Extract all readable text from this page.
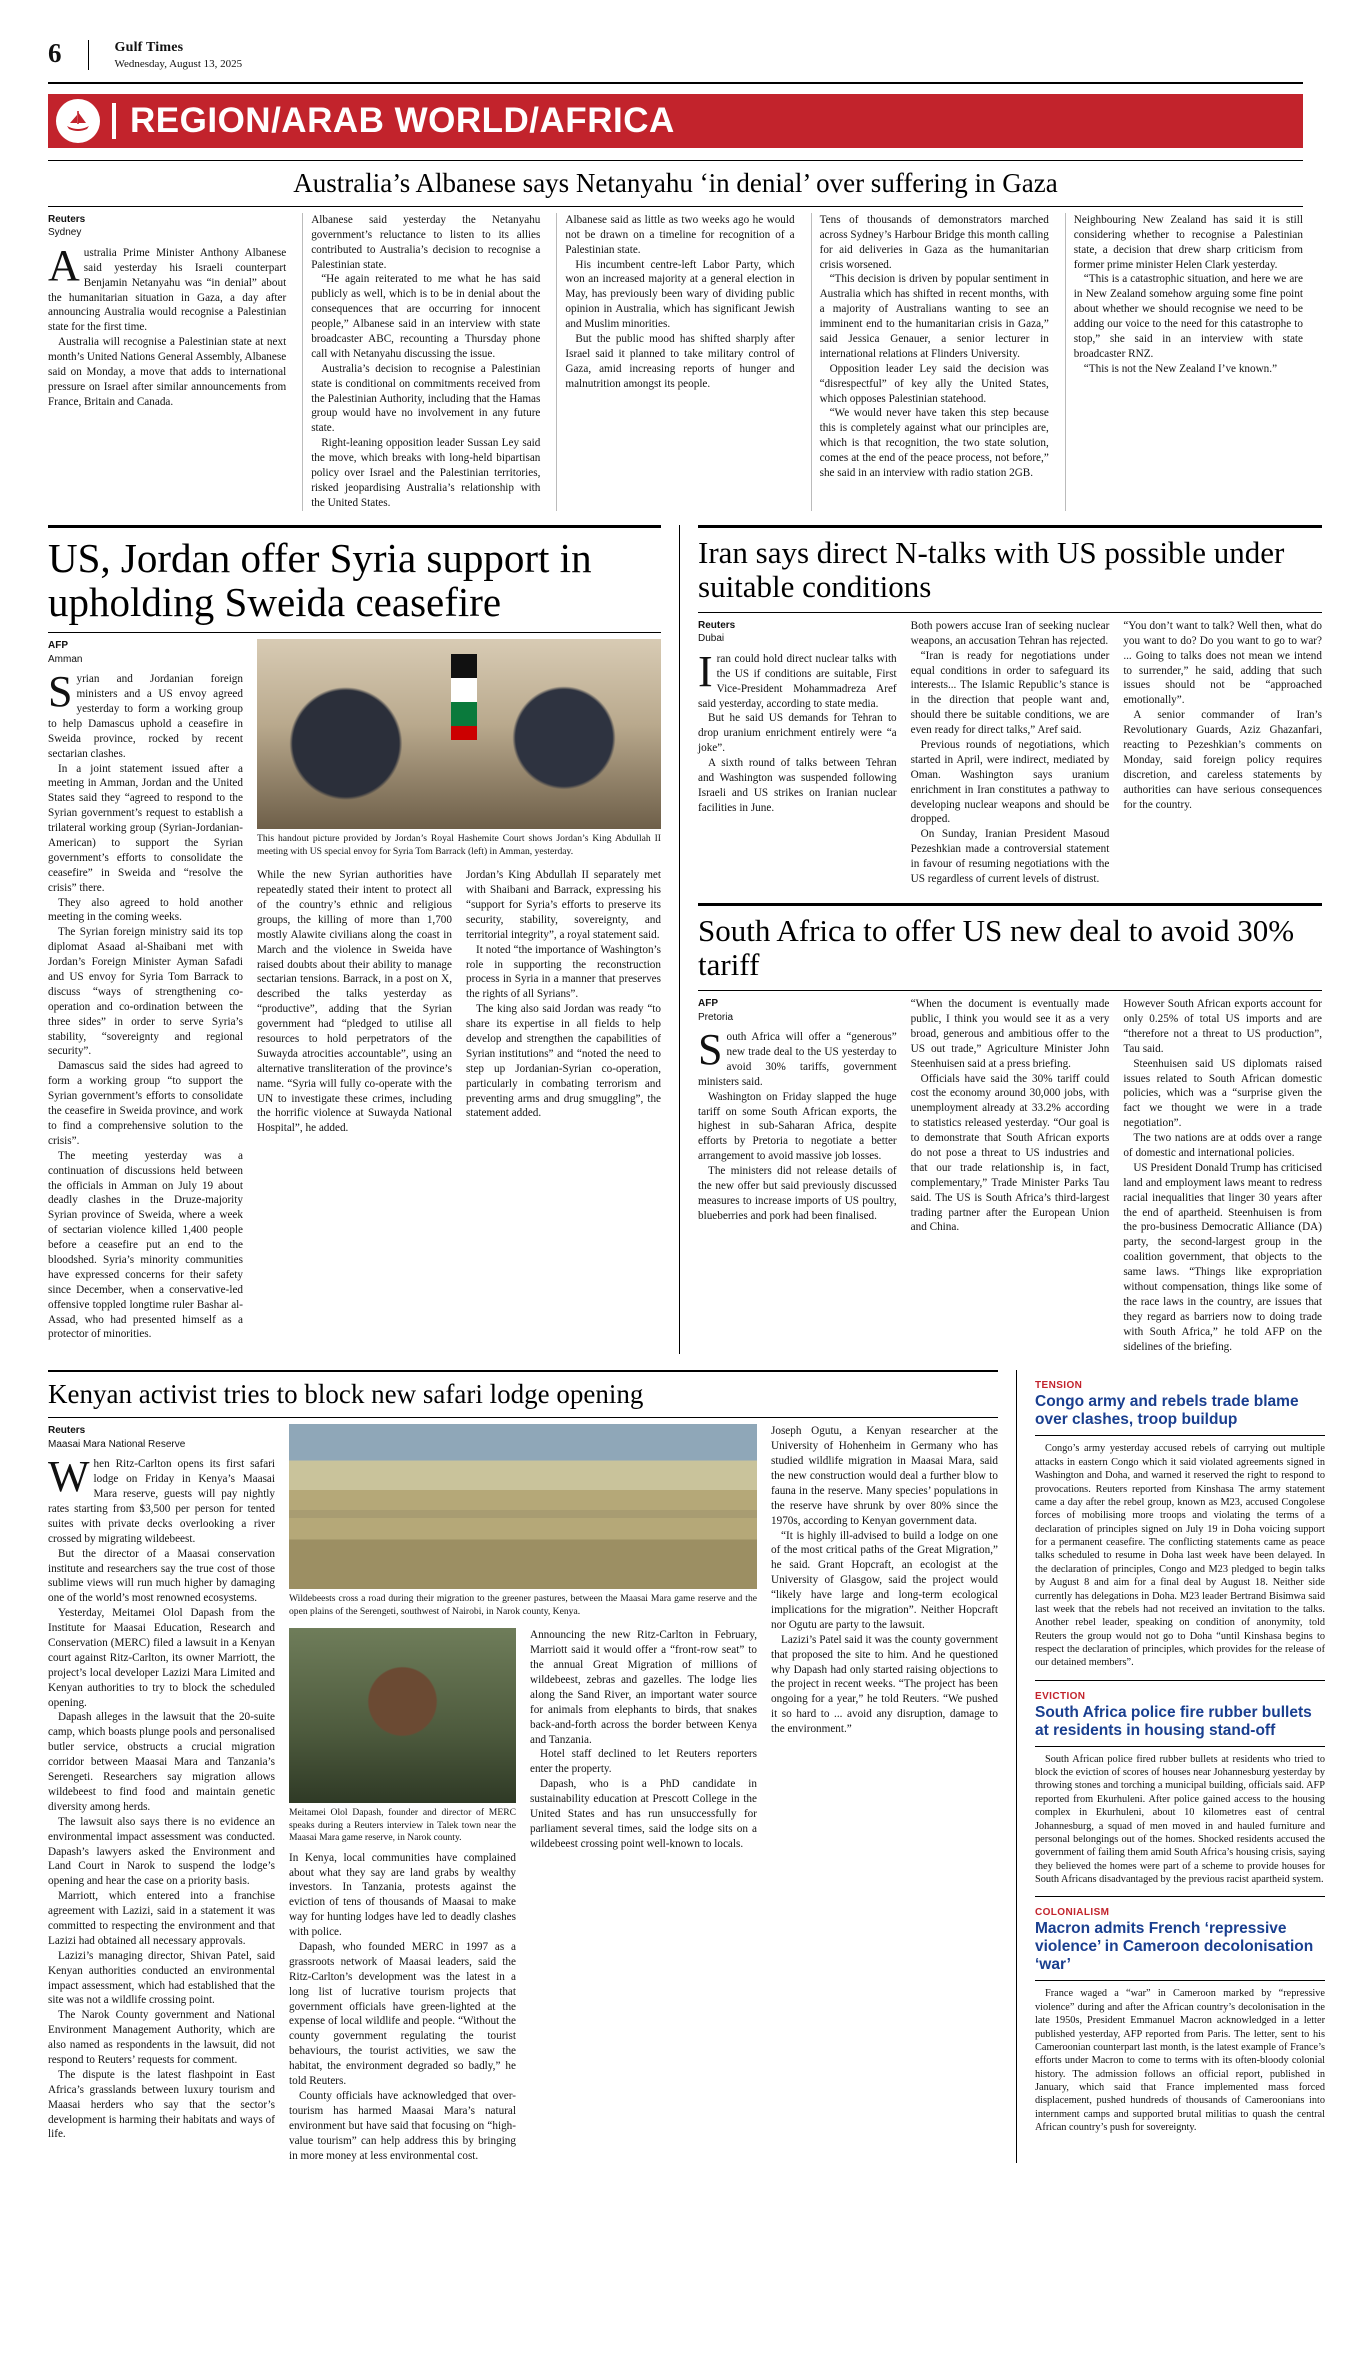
6	Gulf Times
Wednesday, August 13, 2025
REGION/ARAB WORLD/AFRICA
Australia’s Albanese says Netanyahu ‘in denial’ over suffering in Gaza
Reuters
Sydney

Australia Prime Minister Anthony Albanese said yesterday his Israeli counterpart Benjamin Netanyahu was “in denial” about the humanitarian situation in Gaza, a day after announcing Australia would recognise a Palestinian state for the first time.

Australia will recognise a Palestinian state at next month’s United Nations General Assembly, Albanese said on Monday, a move that adds to international pressure on Israel after similar announcements from France, Britain and Canada.

Albanese said yesterday the Netanyahu government’s reluctance to listen to its allies contributed to Australia’s decision to recognise a Palestinian state.

“He again reiterated to me what he has said publicly as well, which is to be in denial about the consequences that are occurring for innocent people,” Albanese said in an interview with state broadcaster ABC, recounting a Thursday phone call with Netanyahu discussing the issue.

Australia’s decision to recognise a Palestinian state is conditional on commitments received from the Palestinian Authority, including that the Hamas group would have no involvement in any future state.

Right-leaning opposition leader Sussan Ley said the move, which breaks with long-held bipartisan policy over Israel and the Palestinian territories, risked jeopardising Australia’s relationship with the United States.

Albanese said as little as two weeks ago he would not be drawn on a timeline for recognition of a Palestinian state.

His incumbent centre-left Labor Party, which won an increased majority at a general election in May, has previously been wary of dividing public opinion in Australia, which has significant Jewish and Muslim minorities.

But the public mood has shifted sharply after Israel said it planned to take military control of Gaza, amid increasing reports of hunger and malnutrition amongst its people.

Tens of thousands of demonstrators marched across Sydney’s Harbour Bridge this month calling for aid deliveries in Gaza as the humanitarian crisis worsened.

“This decision is driven by popular sentiment in Australia which has shifted in recent months, with a majority of Australians wanting to see an imminent end to the humanitarian crisis in Gaza,” said Jessica Genauer, a senior lecturer in international relations at Flinders University.

Opposition leader Ley said the decision was “disrespectful” of key ally the United States, which opposes Palestinian statehood.

“We would never have taken this step because this is completely against what our principles are, which is that recognition, the two state solution, comes at the end of the peace process, not before,” she said in an interview with radio station 2GB.

Neighbouring New Zealand has said it is still considering whether to recognise a Palestinian state, a decision that drew sharp criticism from former prime minister Helen Clark yesterday.

“This is a catastrophic situation, and here we are in New Zealand somehow arguing some fine point about whether we should recognise we need to be adding our voice to the need for this catastrophe to stop,” she said in an interview with state broadcaster RNZ.

“This is not the New Zealand I’ve known.”

US, Jordan offer Syria support in upholding Sweida ceasefire
AFP
Amman

Syrian and Jordanian foreign ministers and a US envoy agreed yesterday to form a working group to help Damascus uphold a ceasefire in Sweida province, rocked by recent sectarian clashes.

In a joint statement issued after a meeting in Amman, Jordan and the United States said they “agreed to respond to the Syrian government’s request to establish a trilateral working group (Syrian-Jordanian-American) to support the Syrian government’s efforts to consolidate the ceasefire” in Sweida and “resolve the crisis” there.

They also agreed to hold another meeting in the coming weeks.

The Syrian foreign ministry said its top diplomat Asaad al-Shaibani met with Jordan’s Foreign Minister Ayman Safadi and US envoy for Syria Tom Barrack to discuss “ways of strengthening co-operation and co-ordination between the three sides” in order to serve Syria’s stability, “sovereignty and regional security”.

Damascus said the sides had agreed to form a working group “to support the Syrian government’s efforts to consolidate the ceasefire in Sweida province, and work to find a comprehensive solution to the crisis”.

The meeting yesterday was a continuation of discussions held between the officials in Amman on July 19 about deadly clashes in the Druze-majority Syrian province of Sweida, where a week of sectarian violence killed 1,400 people before a ceasefire put an end to the bloodshed. Syria’s minority communities have expressed concerns for their safety since December, when a conservative-led offensive toppled longtime ruler Bashar al-Assad, who had presented himself as a protector of minorities.

This handout picture provided by Jordan’s Royal Hashemite Court shows Jordan’s King Abdullah II meeting with US special envoy for Syria Tom Barrack (left) in Amman, yesterday.

While the new Syrian authorities have repeatedly stated their intent to protect all of the country’s ethnic and religious groups, the killing of more than 1,700 mostly Alawite civilians along the coast in March and the violence in Sweida have raised doubts about their ability to manage sectarian tensions. Barrack, in a post on X, described the talks yesterday as “productive”, adding that the Syrian government had “pledged to utilise all resources to hold perpetrators of the Suwayda atrocities accountable”, using an alternative transliteration of the province’s name. “Syria will fully co-operate with the UN to investigate these crimes, including the horrific violence at Suwayda National Hospital”, he added.

Jordan’s King Abdullah II separately met with Shaibani and Barrack, expressing his “support for Syria’s efforts to preserve its security, stability, sovereignty, and territorial integrity”, a royal statement said.

It noted “the importance of Washington’s role in supporting the reconstruction process in Syria in a manner that preserves the rights of all Syrians”.

The king also said Jordan was ready “to share its expertise in all fields to help develop and strengthen the capabilities of Syrian institutions” and “noted the need to step up Jordanian-Syrian co-operation, particularly in combating terrorism and preventing arms and drug smuggling”, the statement added.

Iran says direct N-talks with US possible under suitable conditions
Reuters
Dubai

Iran could hold direct nuclear talks with the US if conditions are suitable, First Vice-President Mohammadreza Aref said yesterday, according to state media.

But he said US demands for Tehran to drop uranium enrichment entirely were “a joke”.

A sixth round of talks between Tehran and Washington was suspended following Israeli and US strikes on Iranian nuclear facilities in June.

Both powers accuse Iran of seeking nuclear weapons, an accusation Tehran has rejected.

“Iran is ready for negotiations under equal conditions in order to safeguard its interests... The Islamic Republic’s stance is in the direction that people want and, should there be suitable conditions, we are even ready for direct talks,” Aref said.

Previous rounds of negotiations, which started in April, were indirect, mediated by Oman. Washington says uranium enrichment in Iran constitutes a pathway to developing nuclear weapons and should be dropped.

On Sunday, Iranian President Masoud Pezeshkian made a controversial statement in favour of resuming negotiations with the US regardless of current levels of distrust.

“You don’t want to talk? Well then, what do you want to do? Do you want to go to war? ... Going to talks does not mean we intend to surrender,” he said, adding that such issues should not be “approached emotionally”.

A senior commander of Iran’s Revolutionary Guards, Aziz Ghazanfari, reacting to Pezeshkian’s comments on Monday, said foreign policy requires discretion, and careless statements by authorities can have serious consequences for the country.

South Africa to offer US new deal to avoid 30% tariff
AFP
Pretoria

South Africa will offer a “generous” new trade deal to the US yesterday to avoid 30% tariffs, government ministers said.

Washington on Friday slapped the huge tariff on some South African exports, the highest in sub-Saharan Africa, despite efforts by Pretoria to negotiate a better arrangement to avoid massive job losses.

The ministers did not release details of the new offer but said previously discussed measures to increase imports of US poultry, blueberries and pork had been finalised.

“When the document is eventually made public, I think you would see it as a very broad, generous and ambitious offer to the US out trade,” Agriculture Minister John Steenhuisen said at a press briefing.

Officials have said the 30% tariff could cost the economy around 30,000 jobs, with unemployment already at 33.2% according to statistics released yesterday. “Our goal is to demonstrate that South African exports do not pose a threat to US industries and that our trade relationship is, in fact, complementary,” Trade Minister Parks Tau said. The US is South Africa’s third-largest trading partner after the European Union and China.

However South African exports account for only 0.25% of total US imports and are “therefore not a threat to US production”, Tau said.

Steenhuisen said US diplomats raised issues related to South African domestic policies, which was a “surprise given the fact we thought we were in a trade negotiation”.

The two nations are at odds over a range of domestic and international policies.

US President Donald Trump has criticised land and employment laws meant to redress racial inequalities that linger 30 years after the end of apartheid. Steenhuisen is from the pro-business Democratic Alliance (DA) party, the second-largest group in the coalition government, that objects to the same laws. “Things like expropriation without compensation, things like some of the race laws in the country, are issues that they regard as barriers now to doing trade with South Africa,” he told AFP on the sidelines of the briefing.

Kenyan activist tries to block new safari lodge opening
Reuters
Maasai Mara National Reserve

When Ritz-Carlton opens its first safari lodge on Friday in Kenya’s Maasai Mara reserve, guests will pay nightly rates starting from $3,500 per person for tented suites with private decks overlooking a river crossed by migrating wildebeest.

But the director of a Maasai conservation institute and researchers say the true cost of those sublime views will run much higher by damaging one of the world’s most renowned ecosystems.

Yesterday, Meitamei Olol Dapash from the Institute for Maasai Education, Research and Conservation (MERC) filed a lawsuit in a Kenyan court against Ritz-Carlton, its owner Marriott, the project’s local developer Lazizi Mara Limited and Kenyan authorities to try to block the scheduled opening.

Dapash alleges in the lawsuit that the 20-suite camp, which boasts plunge pools and personalised butler service, obstructs a crucial migration corridor between Maasai Mara and Tanzania’s Serengeti. Researchers say migration allows wildebeest to find food and maintain genetic diversity among herds.

The lawsuit also says there is no evidence an environmental impact assessment was conducted. Dapash’s lawyers asked the Environment and Land Court in Narok to suspend the lodge’s opening and hear the case on a priority basis.

Marriott, which entered into a franchise agreement with Lazizi, said in a statement it was committed to respecting the environment and that Lazizi had obtained all necessary approvals.

Lazizi’s managing director, Shivan Patel, said Kenyan authorities conducted an environmental impact assessment, which had established that the site was not a wildlife crossing point.

The Narok County government and National Environment Management Authority, which are also named as respondents in the lawsuit, did not respond to Reuters’ requests for comment.

The dispute is the latest flashpoint in East Africa’s grasslands between luxury tourism and Maasai herders who say that the sector’s development is harming their habitats and ways of life.

Wildebeests cross a road during their migration to the greener pastures, between the Maasai Mara game reserve and the open plains of the Serengeti, southwest of Nairobi, in Narok county, Kenya.
Meitamei Olol Dapash, founder and director of MERC speaks during a Reuters interview in Talek town near the Maasai Mara game reserve, in Narok county.

In Kenya, local communities have complained about what they say are land grabs by wealthy investors. In Tanzania, protests against the eviction of tens of thousands of Maasai to make way for hunting lodges have led to deadly clashes with police.

Dapash, who founded MERC in 1997 as a grassroots network of Maasai leaders, said the Ritz-Carlton’s development was the latest in a long list of lucrative tourism projects that government officials have green-lighted at the expense of local wildlife and people. “Without the county government regulating the tourist behaviours, the tourist activities, we saw the habitat, the environment degraded so badly,” he told Reuters.

County officials have acknowledged that over-tourism has harmed Maasai Mara’s natural environment but have said that focusing on “high-value tourism” can help address this by bringing in more money at less environmental cost.

Announcing the new Ritz-Carlton in February, Marriott said it would offer a “front-row seat” to the annual Great Migration of millions of wildebeest, zebras and gazelles. The lodge lies along the Sand River, an important water source for animals from elephants to birds, that snakes back-and-forth across the border between Kenya and Tanzania.

Hotel staff declined to let Reuters reporters enter the property.

Dapash, who is a PhD candidate in sustainability education at Prescott College in the United States and has run unsuccessfully for parliament several times, said the lodge sits on a wildebeest crossing point well-known to locals.

Joseph Ogutu, a Kenyan researcher at the University of Hohenheim in Germany who has studied wildlife migration in Maasai Mara, said the new construction would deal a further blow to fauna in the reserve. Many species’ populations in the reserve have shrunk by over 80% since the 1970s, according to Kenyan government data.

“It is highly ill-advised to build a lodge on one of the most critical paths of the Great Migration,” he said. Grant Hopcraft, an ecologist at the University of Glasgow, said the project would “likely have large and long-term ecological implications for the migration”. Neither Hopcraft nor Ogutu are party to the lawsuit.

Lazizi’s Patel said it was the county government that proposed the site to him. And he questioned why Dapash had only started raising objections to the project in recent weeks. “The project has been ongoing for a year,” he told Reuters. “We pushed it so hard to ... avoid any disruption, damage to the environment.”

TENSION
Congo army and rebels trade blame over clashes, troop buildup

Congo’s army yesterday accused rebels of carrying out multiple attacks in eastern Congo which it said violated agreements signed in Washington and Doha, and warned it reserved the right to respond to provocations. Reuters reported from Kinshasa The army statement came a day after the rebel group, known as M23, accused Congolese forces of mobilising more troops and violating the terms of a declaration of principles signed on July 19 in Doha voicing support for a permanent ceasefire. The conflicting statements came as peace talks scheduled to resume in Doha last week have been delayed. In the declaration of principles, Congo and M23 pledged to begin talks by August 8 and aim for a final deal by August 18. Neither side currently has delegations in Doha. M23 leader Bertrand Bisimwa said last week that the rebels had not received an invitation to the talks. Another rebel leader, speaking on condition of anonymity, told Reuters the group would not go to Doha “until Kinshasa begins to respect the declaration of principles, which provides for the release of our detained members”.

EVICTION
South Africa police fire rubber bullets at residents in housing stand-off

South African police fired rubber bullets at residents who tried to block the eviction of scores of houses near Johannesburg yesterday by throwing stones and torching a municipal building, officials said. AFP reported from Ekurhuleni. After police gained access to the housing complex in Ekurhuleni, about 10 kilometres east of central Johannesburg, a squad of men moved in and hauled furniture and personal belongings out of the homes. Shocked residents accused the government of failing them amid South Africa’s housing crisis, saying they believed the homes were part of a scheme to provide houses for South Africans disadvantaged by the previous racist apartheid system.

COLONIALISM
Macron admits French ‘repressive violence’ in Cameroon decolonisation ‘war’

France waged a “war” in Cameroon marked by “repressive violence” during and after the African country’s decolonisation in the late 1950s, President Emmanuel Macron acknowledged in a letter published yesterday, AFP reported from Paris. The letter, sent to his Cameroonian counterpart last month, is the latest example of France’s efforts under Macron to come to terms with its often-bloody colonial history. The admission follows an official report, published in January, which said that France implemented mass forced displacement, pushed hundreds of thousands of Cameroonians into internment camps and supported brutal militias to quash the central African country’s push for sovereignty.
